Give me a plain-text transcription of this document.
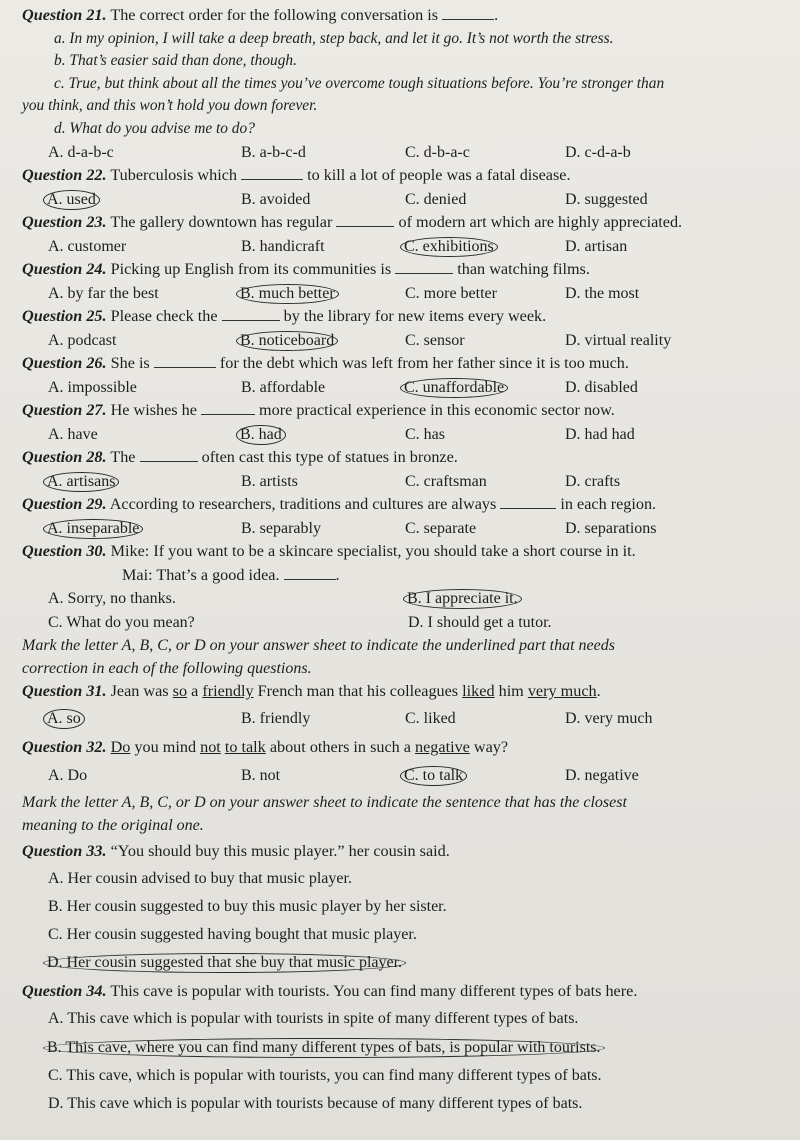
Question 21. The correct order for the following conversation is	.
a. In my opinion, I will take a deep breath, step back, and let it go. It’s not worth the stress.
b. That’s easier said than done, though.
c. True, but think about all the times you’ve overcome tough situations before. You’re stronger than
you think, and this won’t hold you down forever.
d. What do you advise me to do?
A. d-a-b-c	B. a-b-c-d	C. d-b-a-c	D. c-d-a-b
Question 22. Tuberculosis which	to kill a lot of people was a fatal disease.
A. used	B. avoided	C. denied	D. suggested
Question 23. The gallery downtown has regular	of modern art which are highly appreciated.
A. customer	B. handicraft	C. exhibitions	D. artisan
Question 24. Picking up English from its communities is	than watching films.
A. by far the best	B. much better	C. more better	D. the most
Question 25. Please check the	by the library for new items every week.
A. podcast	B. noticeboard	C. sensor	D. virtual reality
Question 26. She is	for the debt which was left from her father since it is too much.
A. impossible	B. affordable	C. unaffordable	D. disabled
Question 27. He wishes he	more practical experience in this economic sector now.
A. have	B. had	C. has	D. had had
Question 28. The	often cast this type of statues in bronze.
A. artisans	B. artists	C. craftsman	D. crafts
Question 29. According to researchers, traditions and cultures are always	in each region.
A. inseparable	B. separably	C. separate	D. separations
Question 30. Mike: If you want to be a skincare specialist, you should take a short course in it.
Mai: That’s a good idea.	.
A. Sorry, no thanks.	B. I appreciate it.
C. What do you mean?	D. I should get a tutor.
Mark the letter A, B, C, or D on your answer sheet to indicate the underlined part that needs
correction in each of the following questions.
Question 31. Jean was so a friendly French man that his colleagues liked him very much.
A. so	B. friendly	C. liked	D. very much
Question 32. Do you mind not to talk about others in such a negative way?
A. Do	B. not	C. to talk	D. negative
Mark the letter A, B, C, or D on your answer sheet to indicate the sentence that has the closest
meaning to the original one.
Question 33. “You should buy this music player.” her cousin said.
A. Her cousin advised to buy that music player.
B. Her cousin suggested to buy this music player by her sister.
C. Her cousin suggested having bought that music player.
D. Her cousin suggested that she buy that music player.
Question 34. This cave is popular with tourists. You can find many different types of bats here.
A. This cave which is popular with tourists in spite of many different types of bats.
B. This cave, where you can find many different types of bats, is popular with tourists.
C. This cave, which is popular with tourists, you can find many different types of bats.
D. This cave which is popular with tourists because of many different types of bats.
